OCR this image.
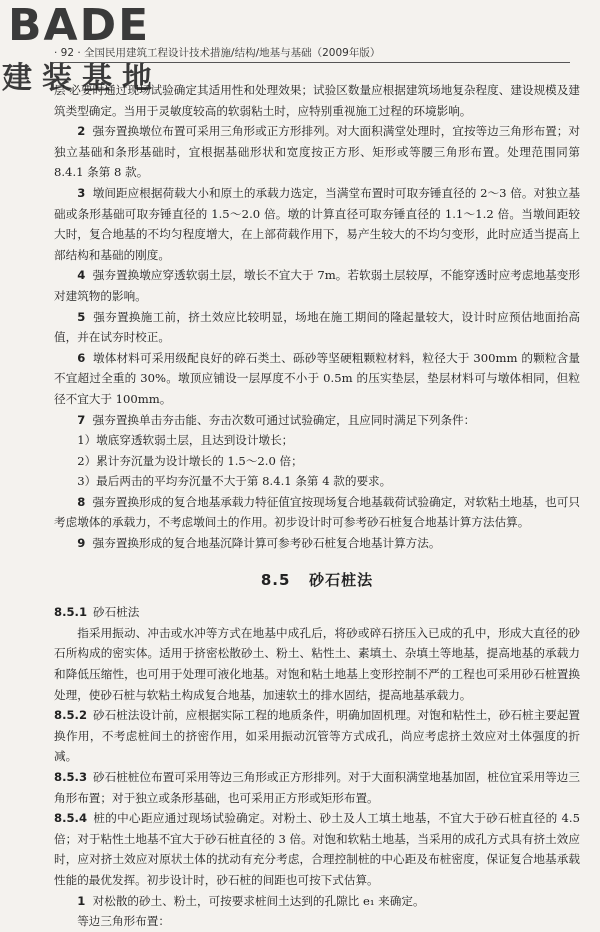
BADE
建装基地
· 92 · 全国民用建筑工程设计技术措施/结构/地基与基础（2009年版）

层 必要时通过现场试验确定其适用性和处理效果；试验区数量应根据建筑场地复杂程度、建设规模及建筑类型确定。当用于灵敏度较高的软弱粘土时，应特别重视施工过程的环境影响。

2 强夯置换墩位布置可采用三角形或正方形排列。对大面积满堂处理时，宜按等边三角形布置；对独立基础和条形基础时，宜根据基础形状和宽度按正方形、矩形或等腰三角形布置。处理范围同第 8.4.1 条第 8 款。

3 墩间距应根据荷载大小和原土的承载力选定，当满堂布置时可取夯锤直径的 2～3 倍。对独立基础或条形基础可取夯锤直径的 1.5～2.0 倍。墩的计算直径可取夯锤直径的 1.1～1.2 倍。当墩间距较大时，复合地基的不均匀程度增大，在上部荷载作用下，易产生较大的不均匀变形，此时应适当提高上部结构和基础的刚度。

4 强夯置换墩应穿透软弱土层，墩长不宜大于 7m。若软弱土层较厚，不能穿透时应考虑地基变形对建筑物的影响。

5 强夯置换施工前，挤土效应比较明显，场地在施工期间的隆起量较大，设计时应预估地面抬高值，并在试夯时校正。

6 墩体材料可采用级配良好的碎石类土、砾砂等坚硬粗颗粒材料，粒径大于 300mm 的颗粒含量不宜超过全重的 30%。墩顶应铺设一层厚度不小于 0.5m 的压实垫层，垫层材料可与墩体相同，但粒径不宜大于 100mm。

7 强夯置换单击夯击能、夯击次数可通过试验确定，且应同时满足下列条件：

1）墩底穿透软弱土层，且达到设计墩长；

2）累计夯沉量为设计墩长的 1.5～2.0 倍；

3）最后两击的平均夯沉量不大于第 8.4.1 条第 4 款的要求。

8 强夯置换形成的复合地基承载力特征值宜按现场复合地基载荷试验确定，对软粘土地基，也可只考虑墩体的承载力，不考虑墩间土的作用。初步设计时可参考砂石桩复合地基计算方法估算。

9 强夯置换形成的复合地基沉降计算可参考砂石桩复合地基计算方法。

8.5 砂石桩法

8.5.1 砂石桩法

指采用振动、冲击或水冲等方式在地基中成孔后，将砂或碎石挤压入已成的孔中，形成大直径的砂石所构成的密实体。适用于挤密松散砂土、粉土、粘性土、素填土、杂填土等地基，提高地基的承载力和降低压缩性，也可用于处理可液化地基。对饱和粘土地基上变形控制不严的工程也可采用砂石桩置换处理，使砂石桩与软粘土构成复合地基，加速软土的排水固结，提高地基承载力。

8.5.2 砂石桩法设计前，应根据实际工程的地质条件，明确加固机理。对饱和粘性土，砂石桩主要起置换作用，不考虑桩间土的挤密作用，如采用振动沉管等方式成孔，尚应考虑挤土效应对土体强度的折减。

8.5.3 砂石桩桩位布置可采用等边三角形或正方形排列。对于大面积满堂地基加固，桩位宜采用等边三角形布置；对于独立或条形基础，也可采用正方形或矩形布置。

8.5.4 桩的中心距应通过现场试验确定。对粉土、砂土及人工填土地基，不宜大于砂石桩直径的 4.5 倍；对于粘性土地基不宜大于砂石桩直径的 3 倍。对饱和软粘土地基，当采用的成孔方式具有挤土效应时，应对挤土效应对原状土体的扰动有充分考虑，合理控制桩的中心距及布桩密度，保证复合地基承载性能的最优发挥。初步设计时，砂石桩的间距也可按下式估算。

1 对松散的砂土、粉土，可按要求桩间土达到的孔隙比 e₁ 来确定。

等边三角形布置：
